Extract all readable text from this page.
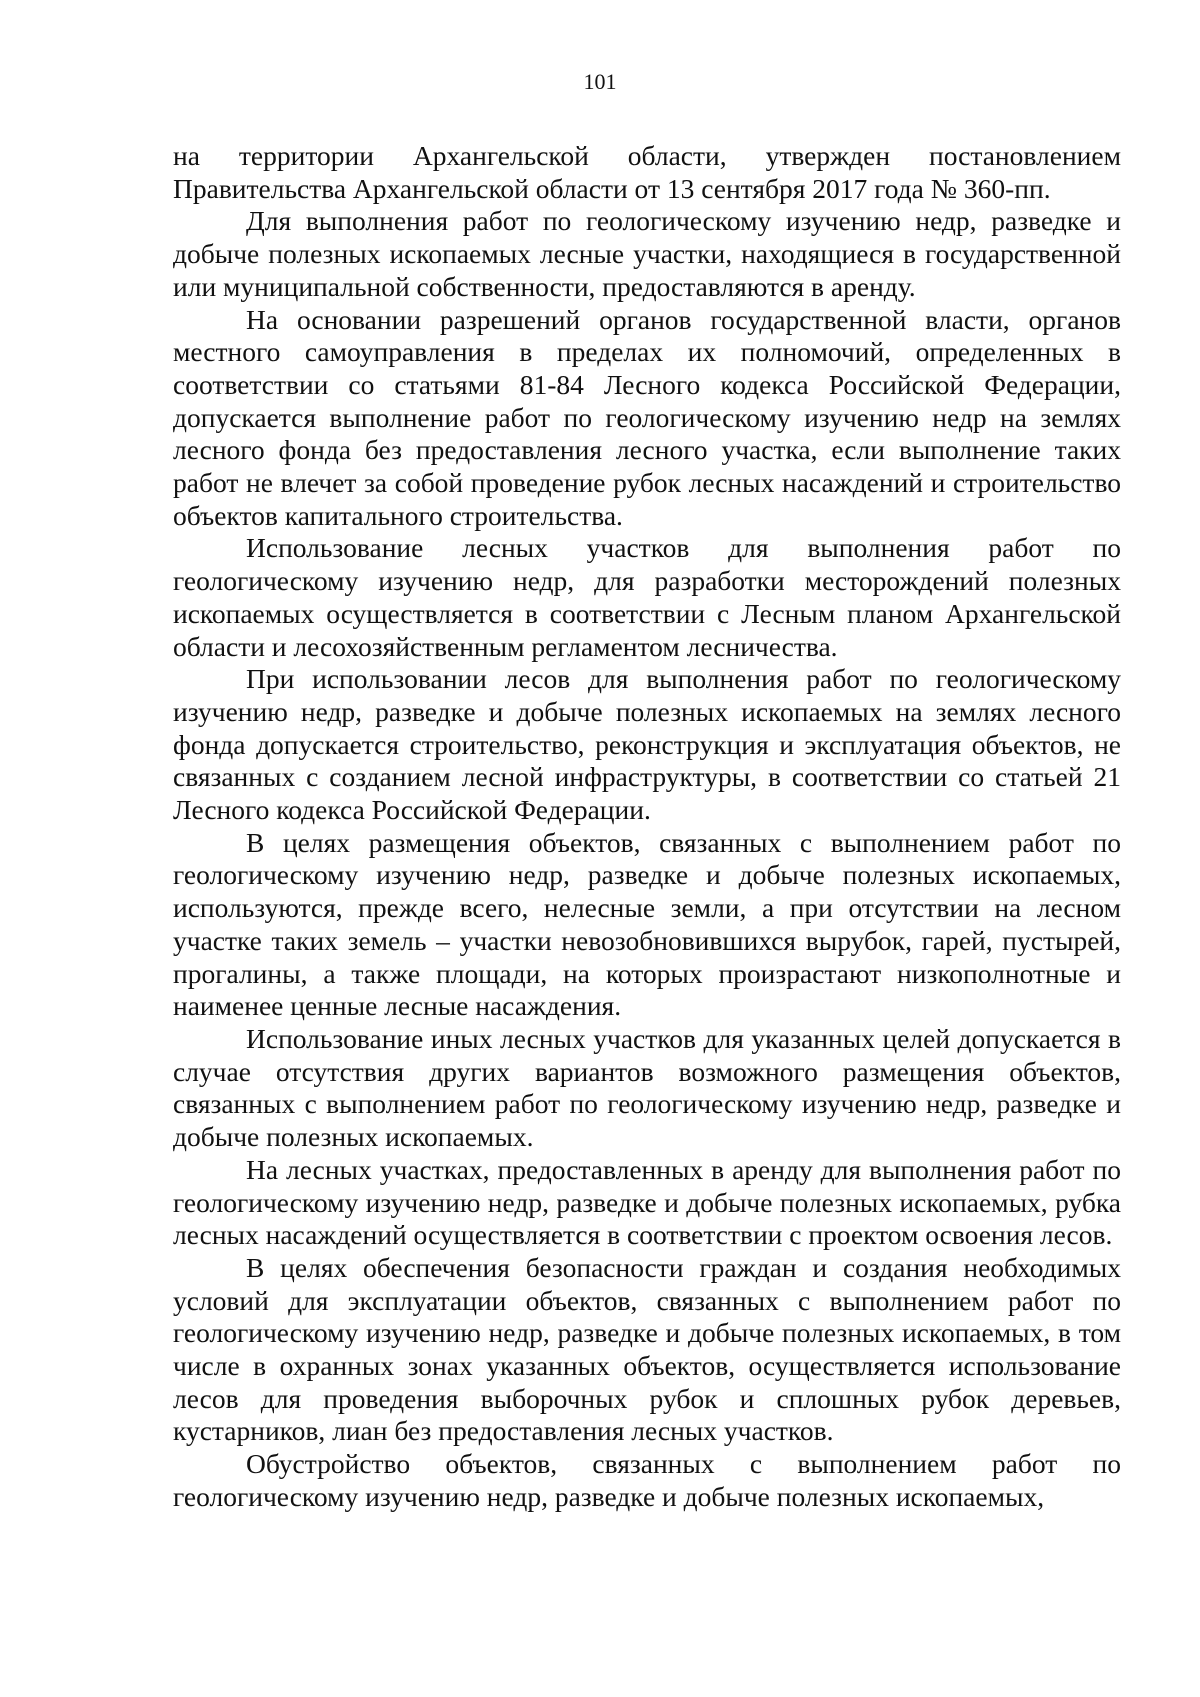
101

на территории Архангельской области, утвержден постановлением Правительства Архангельской области от 13 сентября 2017 года № 360-пп.

Для выполнения работ по геологическому изучению недр, разведке и добыче полезных ископаемых лесные участки, находящиеся в государственной или муниципальной собственности, предоставляются в аренду.

На основании разрешений органов государственной власти, органов местного самоуправления в пределах их полномочий, определенных в соответствии со статьями 81-84 Лесного кодекса Российской Федерации, допускается выполнение работ по геологическому изучению недр на землях лесного фонда без предоставления лесного участка, если выполнение таких работ не влечет за собой проведение рубок лесных насаждений и строительство объектов капитального строительства.

Использование лесных участков для выполнения работ по геологическому изучению недр, для разработки месторождений полезных ископаемых осуществляется в соответствии с Лесным планом Архангельской области и лесохозяйственным регламентом лесничества.

При использовании лесов для выполнения работ по геологическому изучению недр, разведке и добыче полезных ископаемых на землях лесного фонда допускается строительство, реконструкция и эксплуатация объектов, не связанных с созданием лесной инфраструктуры, в соответствии со статьей 21 Лесного кодекса Российской Федерации.

В целях размещения объектов, связанных с выполнением работ по геологическому изучению недр, разведке и добыче полезных ископаемых, используются, прежде всего, нелесные земли, а при отсутствии на лесном участке таких земель – участки невозобновившихся вырубок, гарей, пустырей, прогалины, а также площади, на которых произрастают низкополнотные и наименее ценные лесные насаждения.

Использование иных лесных участков для указанных целей допускается в случае отсутствия других вариантов возможного размещения объектов, связанных с выполнением работ по геологическому изучению недр, разведке и добыче полезных ископаемых.

На лесных участках, предоставленных в аренду для выполнения работ по геологическому изучению недр, разведке и добыче полезных ископаемых, рубка лесных насаждений осуществляется в соответствии с проектом освоения лесов.

В целях обеспечения безопасности граждан и создания необходимых условий для эксплуатации объектов, связанных с выполнением работ по геологическому изучению недр, разведке и добыче полезных ископаемых, в том числе в охранных зонах указанных объектов, осуществляется использование лесов для проведения выборочных рубок и сплошных рубок деревьев, кустарников, лиан без предоставления лесных участков.

Обустройство объектов, связанных с выполнением работ по геологическому изучению недр, разведке и добыче полезных ископаемых,
